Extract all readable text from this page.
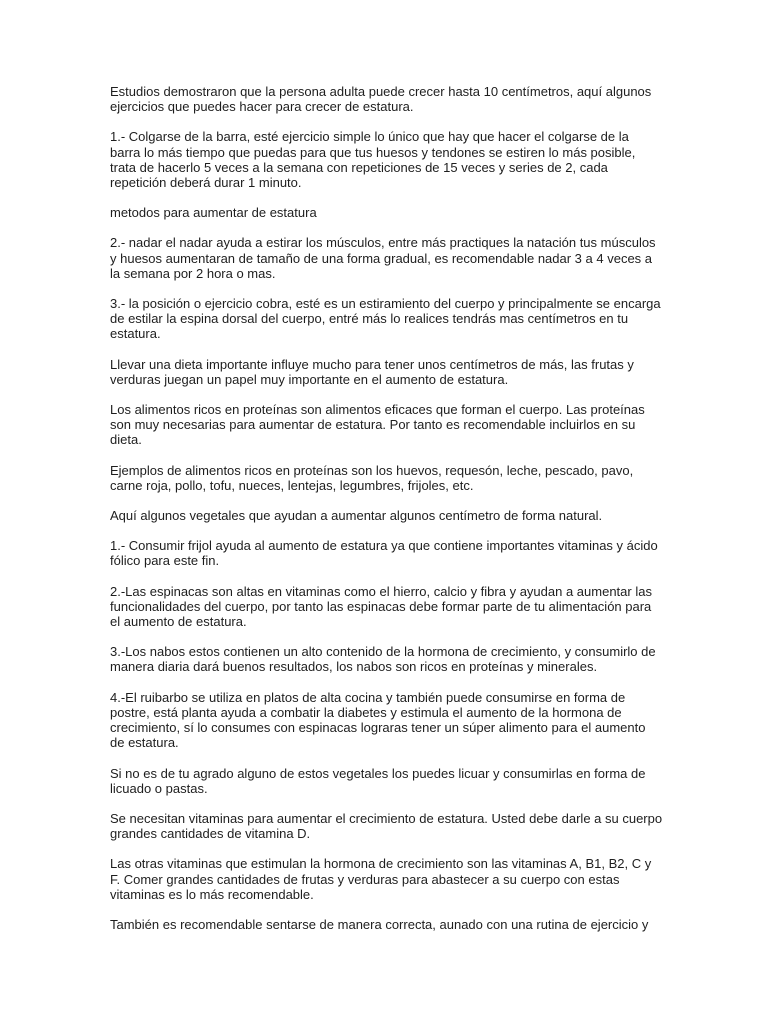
Estudios demostraron que la persona adulta puede crecer hasta 10 centímetros, aquí algunos
ejercicios que puedes hacer para crecer de estatura.

1.- Colgarse de la barra, esté ejercicio simple lo único que hay que hacer el colgarse de la
barra lo más tiempo que puedas para que tus huesos y tendones se estiren lo más posible,
trata de hacerlo 5 veces a la semana con repeticiones de 15 veces y series de 2, cada
repetición deberá durar 1 minuto.

metodos para aumentar de estatura

2.- nadar el nadar ayuda a estirar los músculos, entre más practiques la natación tus músculos
y huesos aumentaran de tamaño de una forma gradual, es recomendable nadar 3 a 4 veces a
la semana por 2 hora o mas.

3.- la posición o ejercicio cobra, esté es un estiramiento del cuerpo y principalmente se encarga
de estilar la espina dorsal del cuerpo, entré más lo realices tendrás mas centímetros en tu
estatura.

Llevar una dieta importante influye mucho para tener unos centímetros de más, las frutas y
verduras juegan un papel muy importante en el aumento de estatura.

Los alimentos ricos en proteínas son alimentos eficaces que forman el cuerpo. Las proteínas
son muy necesarias para aumentar de estatura. Por tanto es recomendable incluirlos en su
dieta.

Ejemplos de alimentos ricos en proteínas son los huevos, requesón, leche, pescado, pavo,
carne roja, pollo, tofu, nueces, lentejas, legumbres, frijoles, etc.

Aquí algunos vegetales que ayudan a aumentar algunos centímetro de forma natural.

1.- Consumir frijol ayuda al aumento de estatura ya que contiene importantes vitaminas y ácido
fólico para este fin.

2.-Las espinacas son altas en vitaminas como el hierro, calcio y fibra y ayudan a aumentar las
funcionalidades del cuerpo, por tanto las espinacas debe formar parte de tu alimentación para
el aumento de estatura.

3.-Los nabos estos contienen un alto contenido de la hormona de crecimiento, y consumirlo de
manera diaria dará buenos resultados, los nabos son ricos en proteínas y minerales.

4.-El ruibarbo se utiliza en platos de alta cocina y también puede consumirse en forma de
postre, está planta ayuda a combatir la diabetes y estimula el aumento de la hormona de
crecimiento, sí lo consumes con espinacas lograras tener un súper alimento para el aumento
de estatura.

Si no es de tu agrado alguno de estos vegetales los puedes licuar y consumirlas en forma de
licuado o pastas.

Se necesitan vitaminas para aumentar el crecimiento de estatura. Usted debe darle a su cuerpo
grandes cantidades de vitamina D.

Las otras vitaminas que estimulan la hormona de crecimiento son las vitaminas A, B1, B2, C y
F. Comer grandes cantidades de frutas y verduras para abastecer a su cuerpo con estas
vitaminas es lo más recomendable.

También es recomendable sentarse de manera correcta, aunado con una rutina de ejercicio y
